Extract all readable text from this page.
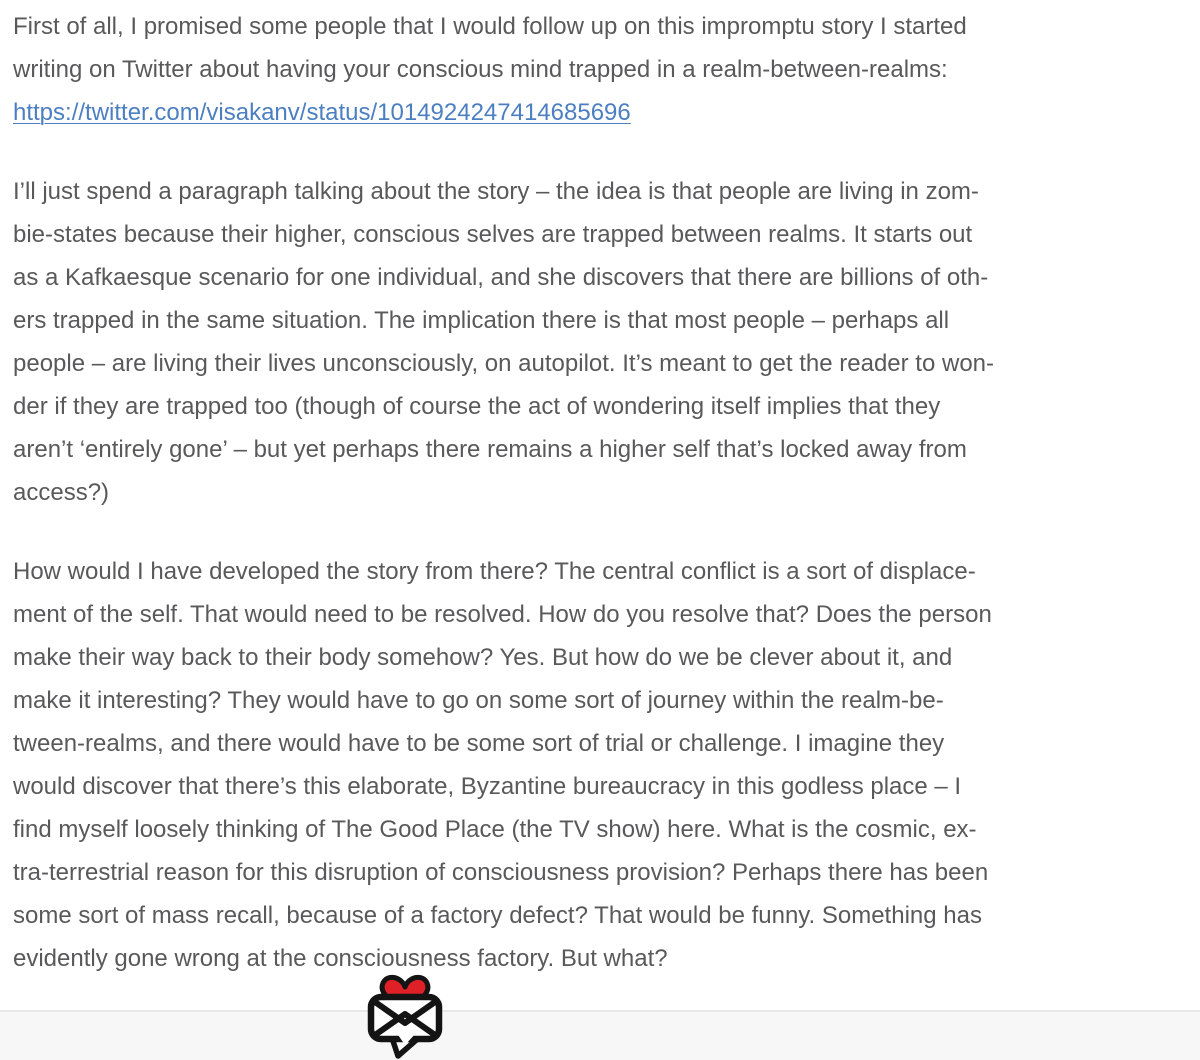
First of all, I promised some people that I would follow up on this impromptu story I started
writing on Twitter about having your conscious mind trapped in a realm-between-realms:
https://twitter.com/visakanv/status/1014924247414685696

I’ll just spend a paragraph talking about the story – the idea is that people are living in zom-
bie-states because their higher, conscious selves are trapped between realms. It starts out
as a Kafkaesque scenario for one individual, and she discovers that there are billions of oth-
ers trapped in the same situation. The implication there is that most people – perhaps all
people – are living their lives unconsciously, on autopilot. It’s meant to get the reader to won-
der if they are trapped too (though of course the act of wondering itself implies that they
aren’t ‘entirely gone’ – but yet perhaps there remains a higher self that’s locked away from
access?)

How would I have developed the story from there? The central conflict is a sort of displace-
ment of the self. That would need to be resolved. How do you resolve that? Does the person
make their way back to their body somehow? Yes. But how do we be clever about it, and
make it interesting? They would have to go on some sort of journey within the realm-be-
tween-realms, and there would have to be some sort of trial or challenge. I imagine they
would discover that there’s this elaborate, Byzantine bureaucracy in this godless place – I
find myself loosely thinking of The Good Place (the TV show) here. What is the cosmic, ex-
tra-terrestrial reason for this disruption of consciousness provision? Perhaps there has been
some sort of mass recall, because of a factory defect? That would be funny. Something has
evidently gone wrong at the consciousness factory. But what?
